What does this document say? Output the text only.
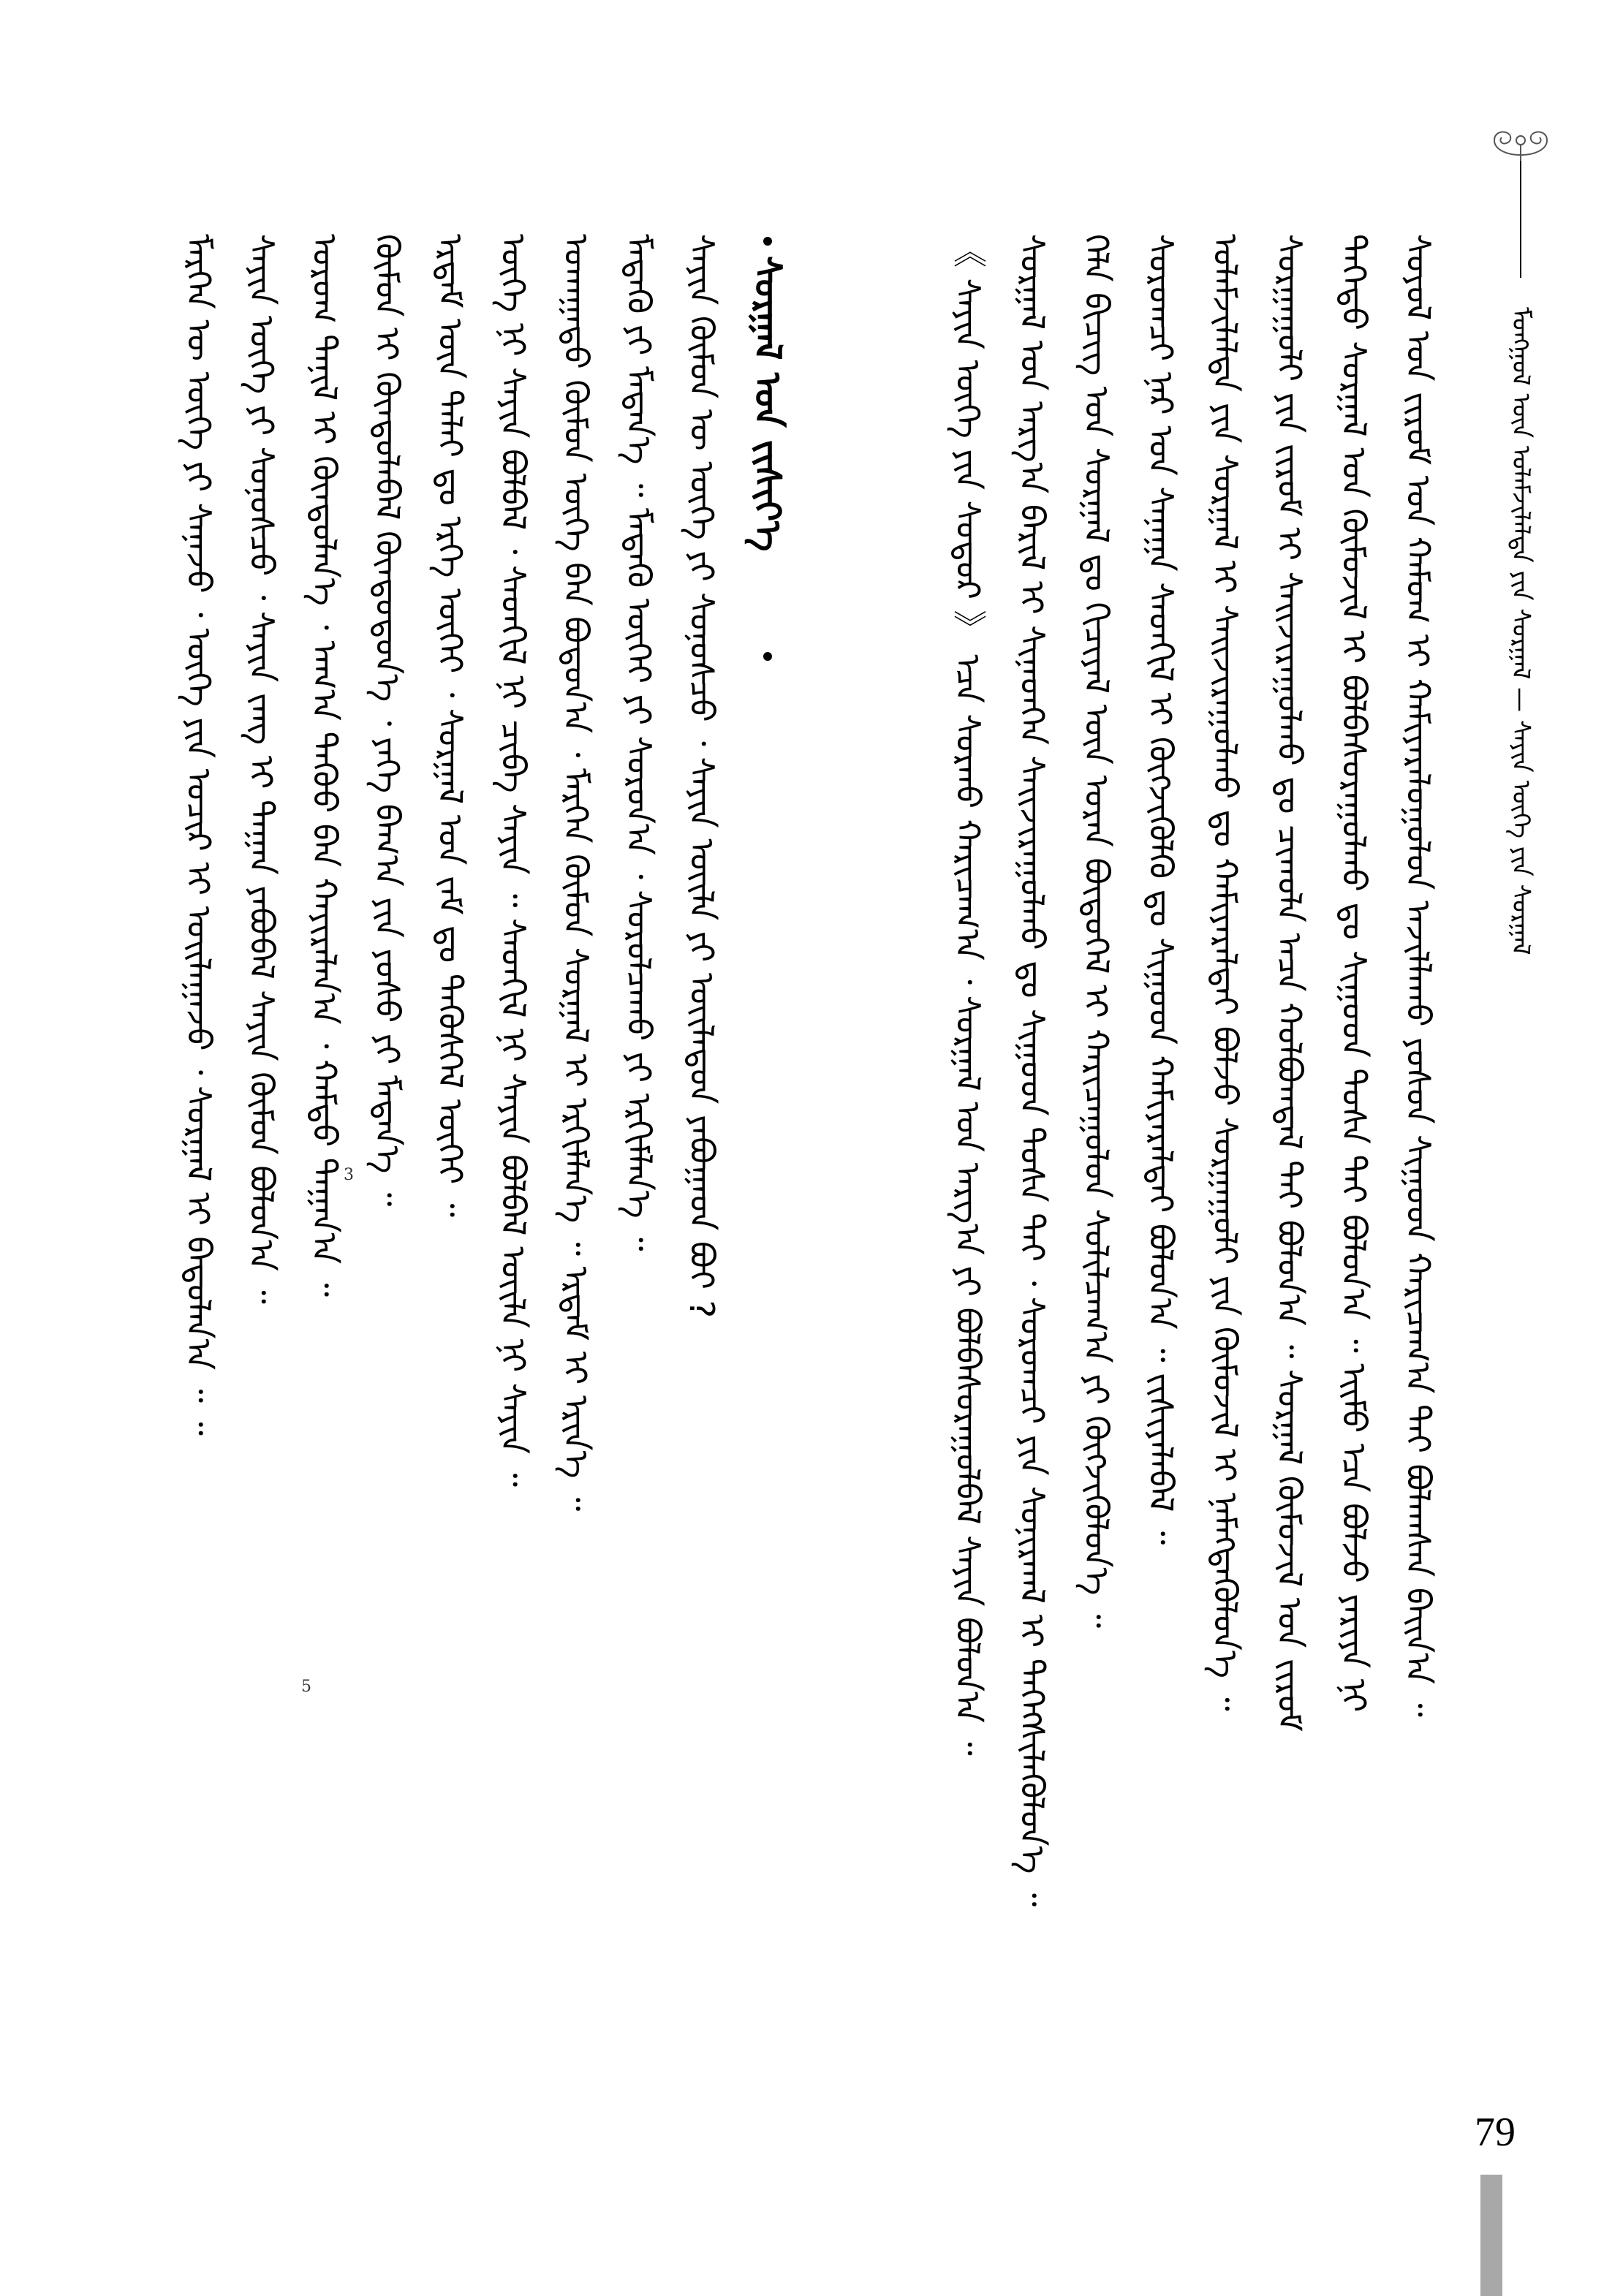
ᠮᠣᠩᠭᠣᠯ ᠦᠨ ᠤᠯᠠᠮᠵᠢᠯᠠᠯᠳᠠ ᠶᠢᠨ ᠰᠤᠷᠭᠠᠯ — ᠰᠠᠶᠢᠨ ᠦᠭᠡ ᠶᠢᠨ ᠰᠤᠷᠭᠠᠯ
ᠰᠣᠶᠣᠯ ᠤᠨ ᠵᠢᠷᠤᠮ ᠤᠨ ᠬᠠᠮᠤᠭ ᠢ ᠬᠠᠮᠢᠶᠠᠷᠠᠯᠤᠭᠤᠯᠤᠨ ᠠᠵᠢᠯᠯᠠᠬᠤ ᠶᠤᠰᠤᠨ ᠰᠢᠭᠤᠳ ᠬᠠᠷᠢᠴᠠᠭ᠎ᠠ ᠲᠠᠢ ᠪᠣᠯᠠᠭᠰᠠᠨ ᠪᠠᠢᠨ᠎ᠠ ᠃
ᠳᠡᠭᠡᠳᠦ ᠰᠤᠷᠭᠠᠯ ᠤᠨ ᠬᠥᠮᠦᠵᠢᠯ ᠢ ᠪᠣᠯᠪᠠᠰᠤᠷᠠᠭᠤᠯᠬᠤ ᠳᠤ ᠰᠢᠭᠤᠳ ᠲᠤᠰᠠ ᠲᠠᠢ ᠪᠣᠯᠤᠨ᠎ᠠ ᠃ ᠡᠢᠮᠦ ᠡᠴᠡ ᠪᠣᠯᠵᠤ ᠶᠠᠷᠢᠶᠠ ᠨᠢ
ᠰᠤᠷᠭᠠᠭᠤᠯᠢ ᠶᠢᠨ ᠵᠢᠷᠤᠮ ᠢ ᠰᠠᠢᠵᠢᠷᠠᠭᠤᠯᠬᠤ ᠳᠤ ᠴᠢᠬᠤᠯᠠ ᠠᠴᠠ ᠬᠣᠯᠪᠣᠭᠳᠠᠯ ᠲᠠᠢ ᠪᠣᠯᠤᠨ᠎ᠠ ᠃ ᠰᠤᠷᠭᠠᠯ ᠬᠥᠮᠦᠵᠢᠯ ᠤᠨ ᠵᠢᠷᠤᠮ
ᠤᠯᠠᠮᠵᠢᠯᠠᠯᠳᠠ ᠶᠢᠨ ᠰᠤᠷᠭᠠᠯ ᠢ ᠰᠠᠢᠵᠢᠷᠠᠭᠤᠯᠬᠤ ᠳᠤ ᠬᠠᠮᠢᠶᠠᠷᠠᠯᠲᠠᠢ ᠪᠣᠯᠵᠤ ᠰᠤᠷᠭᠠᠭᠤᠯᠢ ᠶᠢᠨ ᠬᠦᠮᠦᠵᠢᠯ ᠢ ᠨᠡᠮᠡᠭᠳᠡᠭᠦᠯᠦᠨ᠎ᠡ ᠃
ᠰᠤᠷᠤᠭᠴᠢ ᠨᠠᠷ ᠤᠨ ᠰᠠᠨᠠᠭᠠ ᠰᠡᠳᠬᠢᠯ ᠢ ᠬᠥᠭᠵᠢᠭᠦᠯᠬᠦ ᠳᠤ ᠰᠢᠭᠤᠳ ᠬᠠᠮᠢᠶᠠᠷᠠᠯᠲᠠᠢ ᠪᠣᠯᠤᠨ᠎ᠠ ᠃ ᠵᠢᠱᠢᠶᠡᠯᠡᠪᠡᠯ ᠃
ᠬᠡᠯᠡ ᠪᠢᠴᠢᠭ ᠤᠨ ᠰᠤᠷᠭᠠᠯ ᠳᠤ ᠬᠢᠴᠢᠶᠡᠯ ᠦᠨ ᠤᠷᠠᠨ ᠪᠦᠲᠦᠭᠡᠯ ᠢ ᠬᠠᠷᠢᠴᠠᠭᠤᠯᠤᠨ ᠰᠣᠯᠢᠯᠴᠠᠭ᠎ᠠ ᠶᠢ ᠬᠥᠭᠵᠢᠭᠦᠯᠦᠨ᠎ᠡ ᠃
ᠰᠤᠷᠭᠠᠯ ᠤᠨ ᠠᠷᠭ᠎ᠠ ᠪᠠᠷᠢᠯ ᠢ ᠰᠢᠨᠡᠳᠭᠡᠨ ᠰᠠᠢᠵᠢᠷᠠᠭᠤᠯᠬᠤ ᠳᠤ ᠰᠢᠭᠤᠳ ᠲᠤᠰᠠ ᠲᠠᠢ ᠂ ᠰᠤᠷᠤᠭᠴᠢ ᠶᠢᠨ ᠰᠣᠨᠢᠷᠬᠠᠯ ᠢ ᠳᠡᠭᠡᠭᠰᠢᠯᠡᠭᠦᠯᠦᠨ᠎ᠡ ᠃
《 ᠰᠠᠶᠢᠨ ᠦᠭᠡ ᠶᠢᠨ ᠰᠤᠳᠤᠷ 》 ᠡᠴᠡ ᠰᠤᠷᠬᠤ ᠬᠠᠷᠢᠴᠠᠭ᠎ᠠ ᠂ ᠰᠤᠷᠭᠠᠯ ᠤᠨ ᠠᠷᠭ᠎ᠠ ᠶᠢ ᠪᠣᠯᠪᠠᠰᠤᠷᠠᠭᠤᠯᠪᠠᠯ ᠰᠠᠶᠢᠨ ᠪᠣᠯᠤᠨ᠎ᠠ ᠃
ᠰᠤᠷᠭᠠᠯ ᠤᠨ ᠵᠢᠱᠢᠶ᠎ᠡ
ᠰᠠᠶᠢᠨ ᠬᠦᠮᠦᠨ ᠦ ᠦᠭᠡ ᠶᠢ ᠰᠣᠨᠣᠰᠴᠤ ᠂ ᠰᠠᠶᠢᠨ ᠦᠢᠯᠡ ᠶᠢ ᠦᠢᠯᠡᠳᠦᠨ ᠶᠠᠪᠤᠭᠠᠳ ᠪᠣᠢ ?
ᠮᠡᠳᠡᠬᠦ ᠶᠢ ᠮᠡᠳᠡᠨ᠎ᠡ ᠃ ᠮᠡᠳᠡᠬᠦ ᠦᠭᠡᠢ ᠶᠢ ᠰᠤᠷᠤᠨ᠎ᠠ ᠂ ᠰᠤᠷᠤᠯᠴᠠᠬᠤ ᠶᠢ ᠡᠷᠬᠢᠮᠯᠡᠨ᠎ᠡ ᠃
ᠤᠬᠠᠭᠠᠲᠤ ᠬᠦᠮᠦᠨ ᠦᠭᠡ ᠪᠡᠨ ᠪᠣᠳᠤᠨ᠎ᠠ ᠂ ᠮᠡᠷᠭᠡᠨ ᠬᠦᠮᠦᠨ ᠰᠤᠷᠭᠠᠯ ᠢ ᠡᠷᠬᠢᠮᠯᠡᠨ᠎ᠡ ᠃ ᠡᠷᠳᠡᠮ ᠢ ᠡᠷᠢᠨ᠎ᠡ ᠃
ᠦᠭᠡ ᠨᠢ ᠰᠠᠶᠢᠨ ᠪᠣᠯᠪᠠᠯ ᠂ ᠰᠡᠳᠬᠢᠯ ᠨᠢ ᠴᠢᠪᠠ ᠰᠠᠶᠢᠨ ᠃ ᠰᠡᠳᠬᠢᠯ ᠨᠢ ᠰᠠᠶᠢᠨ ᠪᠣᠯᠪᠠᠯ ᠦᠢᠯᠡ ᠨᠢ ᠰᠠᠶᠢᠨ ᠃
ᠡᠷᠳᠡᠮ ᠦᠨ ᠳᠠᠯᠠᠢ ᠳᠤ ᠡᠷᠭᠡ ᠦᠭᠡᠢ ᠂ ᠰᠤᠷᠭᠠᠯ ᠤᠨ ᠵᠠᠮ ᠳᠤ ᠲᠡᠭᠦᠰᠬᠡᠯ ᠦᠭᠡᠢ ᠃
ᠬᠦᠮᠦᠨ ᠢ ᠬᠦᠨᠳᠦᠯᠡᠪᠡᠯ ᠬᠦᠨᠳᠦᠳᠦᠨ᠎ᠡ ᠂ ᠶᠡᠬᠡ ᠪᠠᠭ᠎ᠠ ᠶᠢᠨ ᠶᠣᠰᠤ ᠶᠢ ᠮᠡᠳᠡᠨ᠎ᠡ ᠃
ᠤᠷᠤᠭ ᠲᠠᠨᠢᠯ ᠢ ᠬᠦᠨᠳᠦᠯᠡᠨ᠎ᠡ ᠂ ᠠᠬ᠎ᠠ ᠳᠡᠭᠦᠦ ᠪᠡᠨ ᠬᠠᠶᠢᠷᠠᠯᠠᠨ᠎ᠠ ᠂ ᠬᠠᠮᠲᠤ ᠳᠠᠭᠠᠨ᠎ᠠ ᠃
ᠰᠠᠶᠢᠨ ᠦᠭᠡ ᠶᠢ ᠰᠣᠨᠣᠰᠴᠤ ᠂ ᠰᠠᠶᠢᠨ ᠵᠠᠩ ᠢ ᠳᠠᠭᠠᠨ ᠶᠠᠪᠤᠪᠠᠯ ᠰᠠᠶᠢᠨ ᠬᠦᠮᠦᠨ ᠪᠣᠯᠤᠨ᠎ᠠ ᠃
ᠮᠡᠷᠭᠡᠨ ᠦ ᠦᠭᠡ ᠶᠢ ᠰᠠᠨᠠᠵᠤ ᠂ ᠦᠭᠡ ᠶᠢᠨ ᠤᠴᠢᠷ ᠢ ᠣᠢᠯᠠᠭᠠᠵᠤ ᠂ ᠰᠤᠷᠭᠠᠯ ᠢ ᠪᠠᠲᠤᠯᠠᠨ᠎ᠠ ᠃ ᠃	3
5
79
